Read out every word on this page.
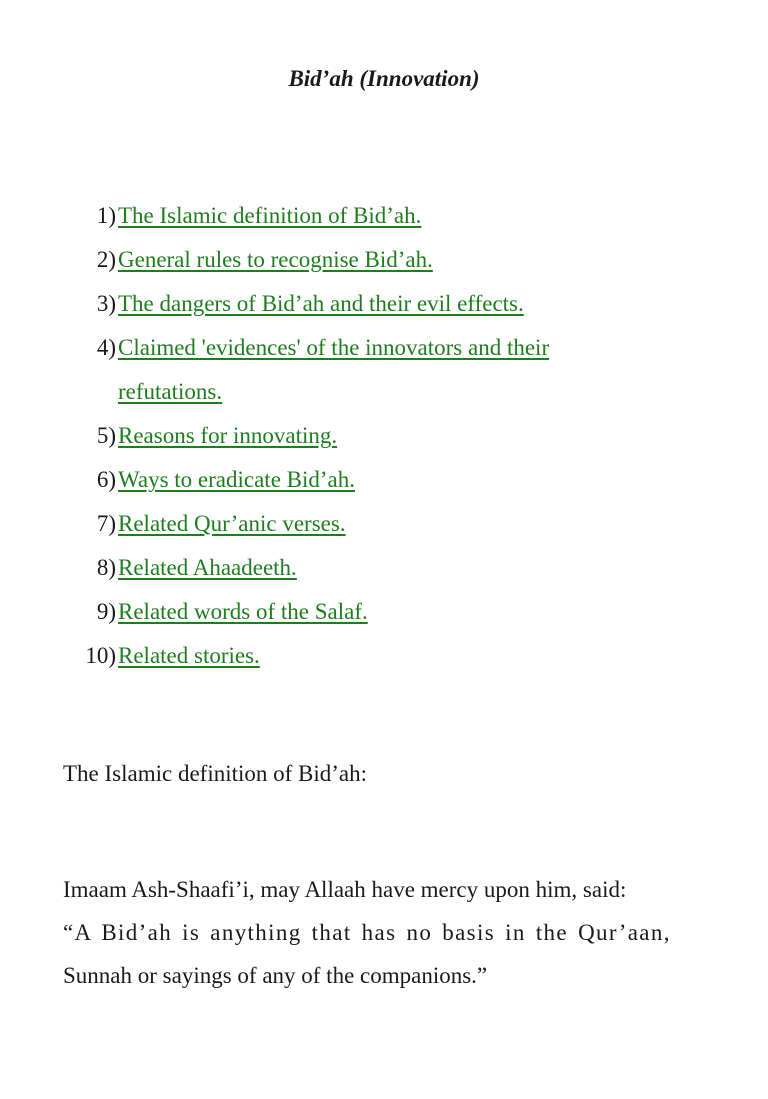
Bid’ah (Innovation)
1) The Islamic definition of Bid’ah.
2) General rules to recognise Bid’ah.
3) The dangers of Bid’ah and their evil effects.
4) Claimed 'evidences' of the innovators and their
refutations.
5) Reasons for innovating.
6) Ways to eradicate Bid’ah.
7) Related Qur’anic verses.
8) Related Ahaadeeth.
9) Related words of the Salaf.
10) Related stories.
The Islamic definition of Bid’ah:

Imaam Ash-Shaafi’i, may Allaah have mercy upon him, said:
“A Bid’ah is anything that has no basis in the Qur’aan,
Sunnah or sayings of any of the companions.”
